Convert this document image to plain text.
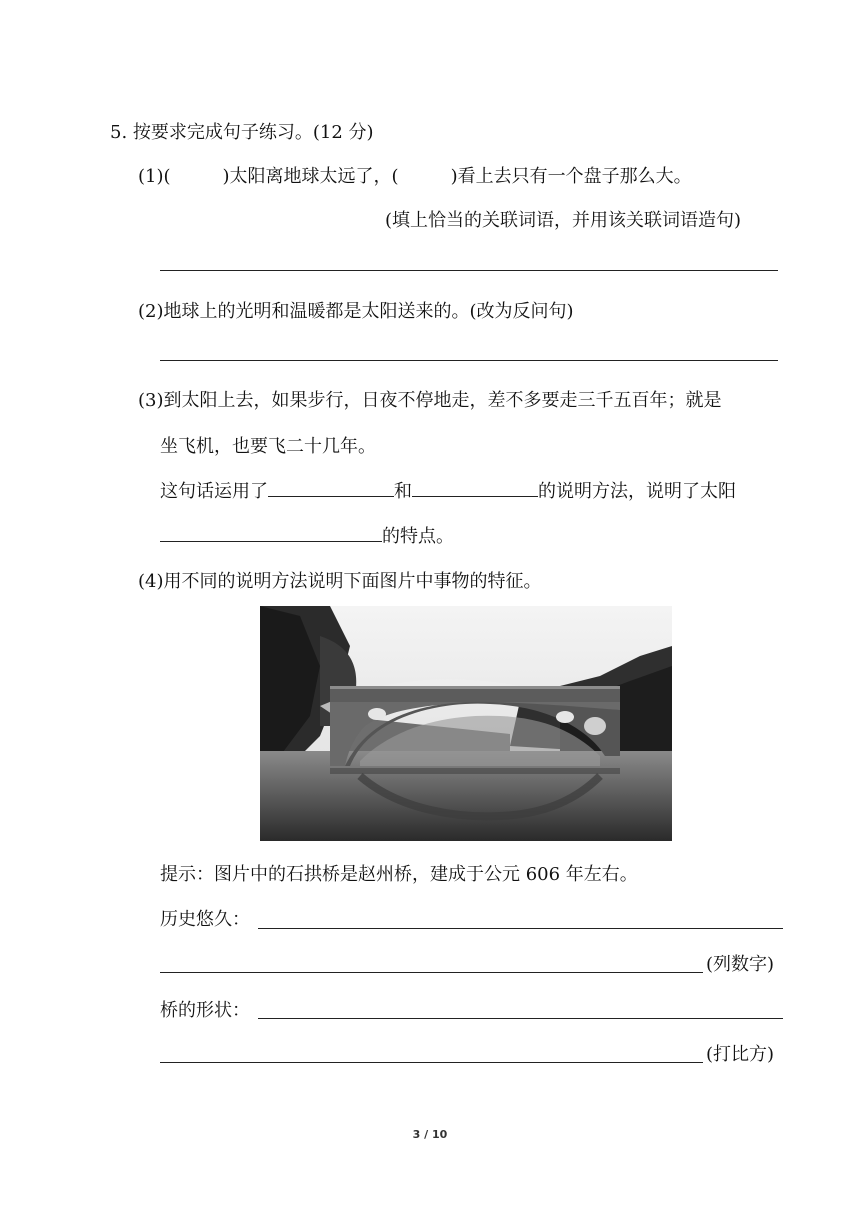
5. 按要求完成句子练习。(12 分)
(1)(	)太阳离地球太远了，(	)看上去只有一个盘子那么大。
(填上恰当的关联词语，并用该关联词语造句)
(2)地球上的光明和温暖都是太阳送来的。(改为反问句)
(3)到太阳上去，如果步行，日夜不停地走，差不多要走三千五百年；就是
坐飞机，也要飞二十几年。
这句话运用了	和	的说明方法，说明了太阳
的特点。
(4)用不同的说明方法说明下面图片中事物的特征。
提示：图片中的石拱桥是赵州桥，建成于公元 606 年左右。
历史悠久：
(列数字)
桥的形状：
(打比方)
3 / 10
